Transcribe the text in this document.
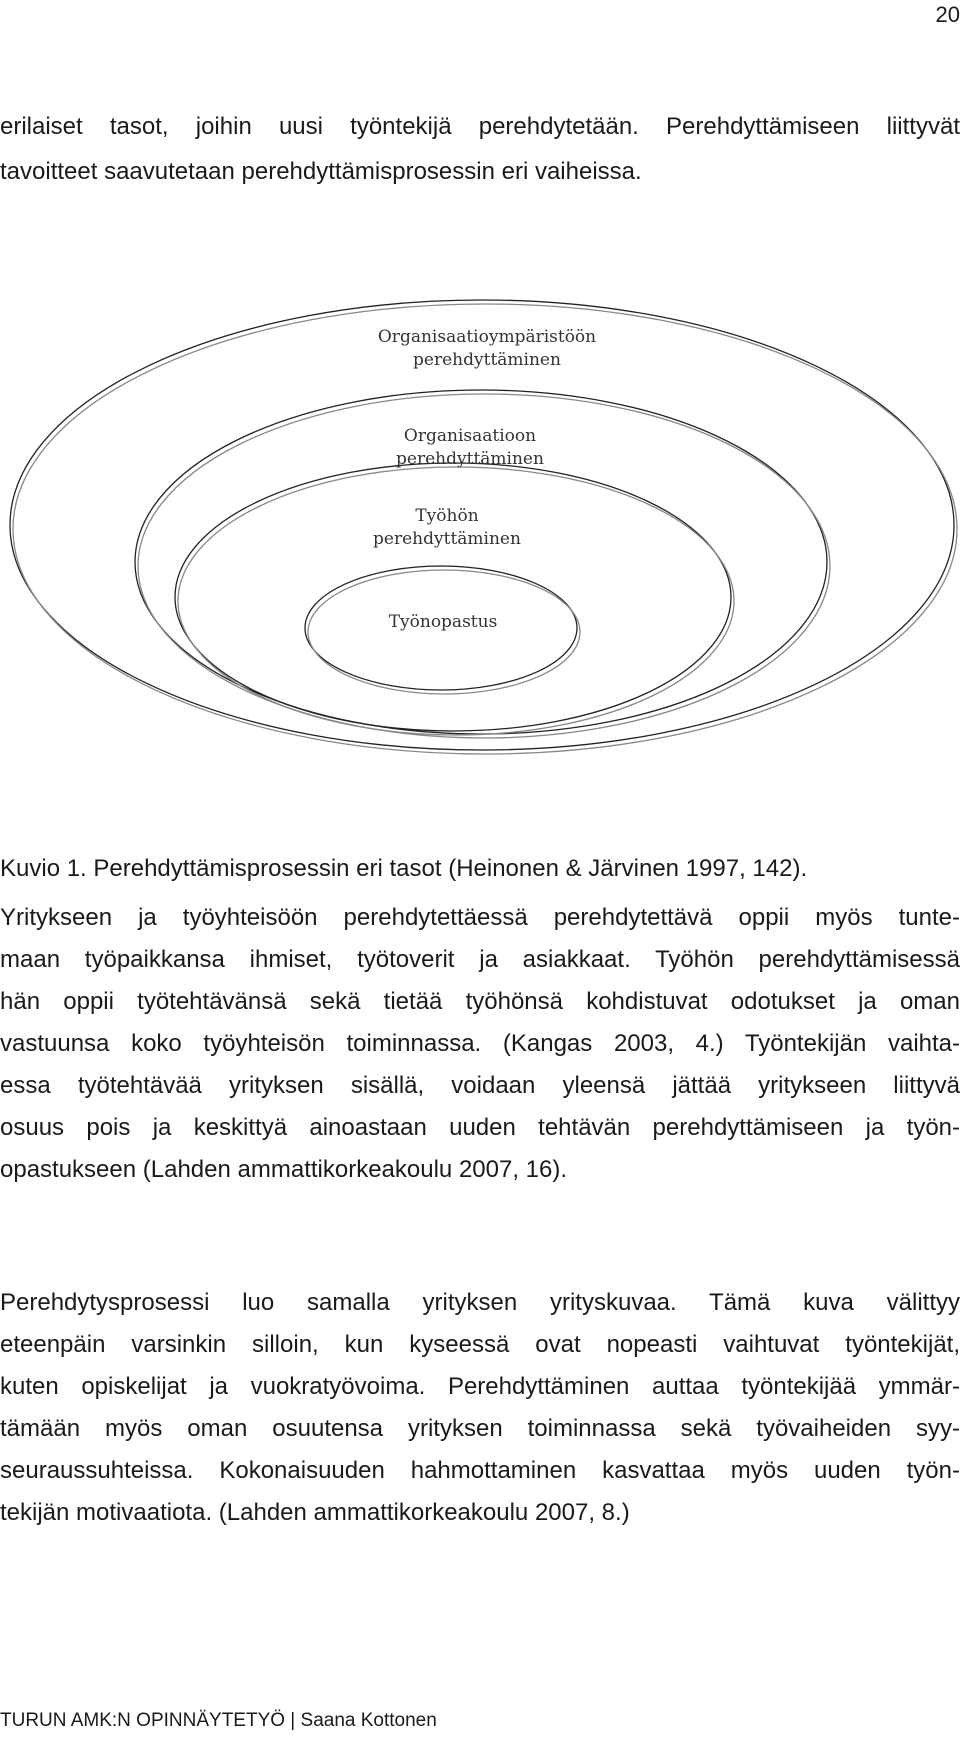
20
erilaiset tasot, joihin uusi työntekijä perehdytetään. Perehdyttämiseen liittyvät
tavoitteet saavutetaan perehdyttämisprosessin eri vaiheissa.
Organisaatioympäristöön
perehdyttäminen
Organisaatioon
perehdyttäminen
Työhön
perehdyttäminen
Työnopastus

Kuvio 1. Perehdyttämisprosessin eri tasot (Heinonen & Järvinen 1997, 142).

Yritykseen ja työyhteisöön perehdytettäessä perehdytettävä oppii myös tunte-
maan työpaikkansa ihmiset, työtoverit ja asiakkaat. Työhön perehdyttämisessä
hän oppii työtehtävänsä sekä tietää työhönsä kohdistuvat odotukset ja oman
vastuunsa koko työyhteisön toiminnassa. (Kangas 2003, 4.) Työntekijän vaihta-
essa työtehtävää yrityksen sisällä, voidaan yleensä jättää yritykseen liittyvä
osuus pois ja keskittyä ainoastaan uuden tehtävän perehdyttämiseen ja työn-
opastukseen (Lahden ammattikorkeakoulu 2007, 16).
Perehdytysprosessi luo samalla yrityksen yrityskuvaa. Tämä kuva välittyy
eteenpäin varsinkin silloin, kun kyseessä ovat nopeasti vaihtuvat työntekijät,
kuten opiskelijat ja vuokratyövoima. Perehdyttäminen auttaa työntekijää ymmär-
tämään myös oman osuutensa yrityksen toiminnassa sekä työvaiheiden syy-
seuraussuhteissa. Kokonaisuuden hahmottaminen kasvattaa myös uuden työn-
tekijän motivaatiota. (Lahden ammattikorkeakoulu 2007, 8.)
TURUN AMK:N OPINNÄYTETYÖ | Saana Kottonen
